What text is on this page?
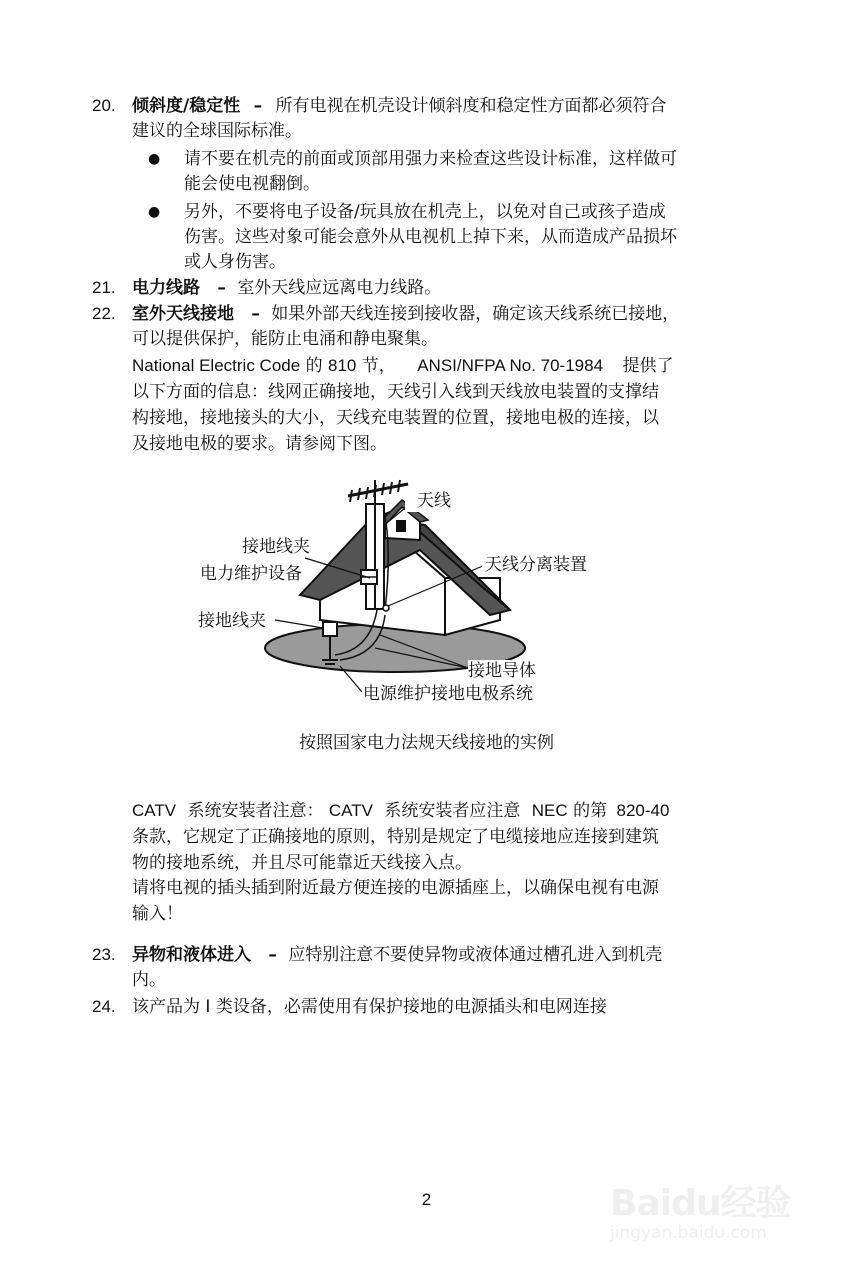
20. 倾斜度/稳定性 – 所有电视在机壳设计倾斜度和稳定性方面都必须符合
建议的全球国际标准。
● 请不要在机壳的前面或顶部用强力来检查这些设计标准，这样做可
能会使电视翻倒。
● 另外，不要将电子设备/玩具放在机壳上，以免对自己或孩子造成
伤害。这些对象可能会意外从电视机上掉下来，从而造成产品损坏
或人身伤害。
21. 电力线路 – 室外天线应远离电力线路。
22. 室外天线接地 – 如果外部天线连接到接收器，确定该天线系统已接地，
可以提供保护，能防止电涌和静电聚集。
National Electric Code 的 810 节， ANSI/NFPA No. 70-1984 提供了
以下方面的信息：线网正确接地，天线引入线到天线放电装置的支撑结
构接地，接地接头的大小，天线充电装置的位置，接地电极的连接，以
及接地电极的要求。请参阅下图。
天线
接地线夹
电力维护设备	天线分离装置
接地线夹
接地导体
电源维护接地电极系统
按照国家电力法规天线接地的实例
CATV 系统安装者注意： CATV 系统安装者应注意 NEC 的第 820-40
条款，它规定了正确接地的原则，特别是规定了电缆接地应连接到建筑
物的接地系统，并且尽可能靠近天线接入点。
请将电视的插头插到附近最方便连接的电源插座上，以确保电视有电源
输入！
23. 异物和液体进入 – 应特别注意不要使异物或液体通过槽孔进入到机壳
内。
24. 该产品为 I 类设备，必需使用有保护接地的电源插头和电网连接
2	Baidu经验
jingyan.baidu.com
